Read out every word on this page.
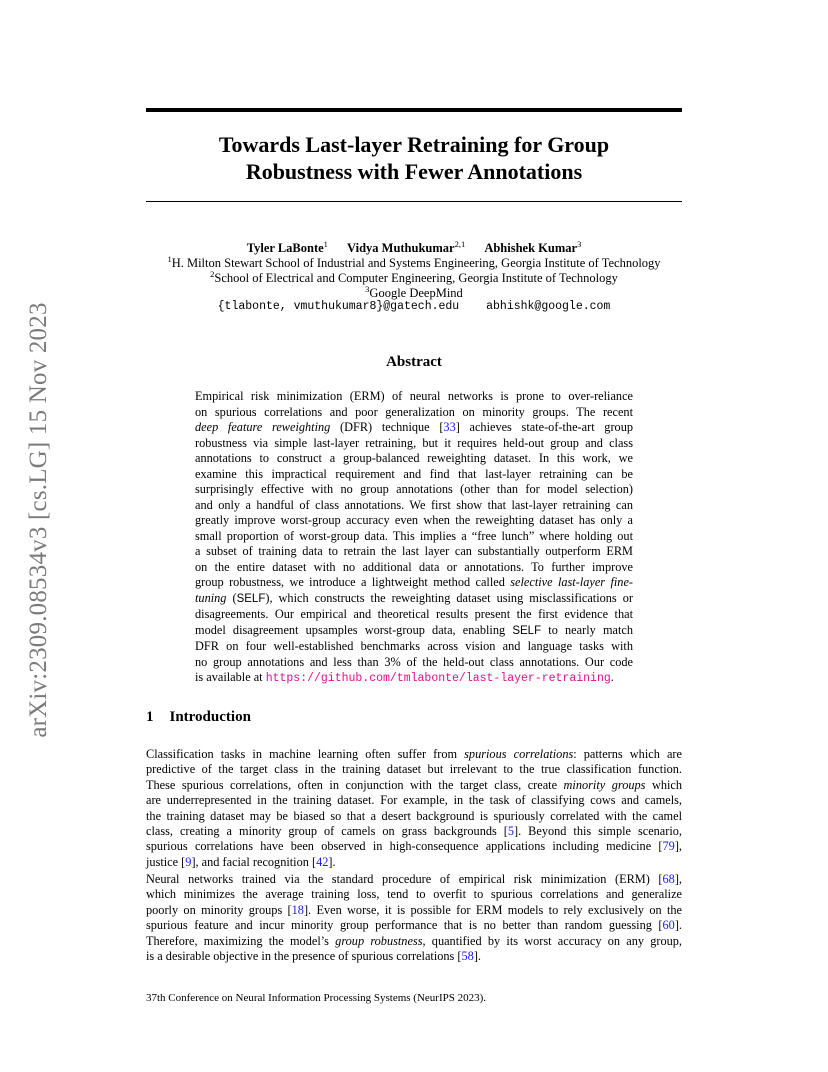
arXiv:2309.08534v3 [cs.LG] 15 Nov 2023
Towards Last-layer Retraining for Group
Robustness with Fewer Annotations
Tyler LaBonte$^1$ Vidya Muthukumar$^{2,1}$ Abhishek Kumar$^3$
$^1$H. Milton Stewart School of Industrial and Systems Engineering, Georgia Institute of Technology
$^2$School of Electrical and Computer Engineering, Georgia Institute of Technology
$^3$Google DeepMind
{tlabonte, vmuthukumar8}@gatech.edu abhishk@google.com
Abstract
Empirical risk minimization (ERM) of neural networks is prone to over-reliance
on spurious correlations and poor generalization on minority groups. The recent
deep feature reweighting (DFR) technique [33] achieves state-of-the-art group
robustness via simple last-layer retraining, but it requires held-out group and class
annotations to construct a group-balanced reweighting dataset. In this work, we
examine this impractical requirement and find that last-layer retraining can be
surprisingly effective with no group annotations (other than for model selection)
and only a handful of class annotations. We first show that last-layer retraining can
greatly improve worst-group accuracy even when the reweighting dataset has only a
small proportion of worst-group data. This implies a “free lunch” where holding out
a subset of training data to retrain the last layer can substantially outperform ERM
on the entire dataset with no additional data or annotations. To further improve
group robustness, we introduce a lightweight method called selective last-layer fine-
tuning (SELF), which constructs the reweighting dataset using misclassifications or
disagreements. Our empirical and theoretical results present the first evidence that
model disagreement upsamples worst-group data, enabling SELF to nearly match
DFR on four well-established benchmarks across vision and language tasks with
no group annotations and less than 3% of the held-out class annotations. Our code
is available at https://github.com/tmlabonte/last-layer-retraining.
1 Introduction
Classification tasks in machine learning often suffer from spurious correlations: patterns which are
predictive of the target class in the training dataset but irrelevant to the true classification function.
These spurious correlations, often in conjunction with the target class, create minority groups which
are underrepresented in the training dataset. For example, in the task of classifying cows and camels,
the training dataset may be biased so that a desert background is spuriously correlated with the camel
class, creating a minority group of camels on grass backgrounds [5]. Beyond this simple scenario,
spurious correlations have been observed in high-consequence applications including medicine [79],
justice [9], and facial recognition [42].
Neural networks trained via the standard procedure of empirical risk minimization (ERM) [68],
which minimizes the average training loss, tend to overfit to spurious correlations and generalize
poorly on minority groups [18]. Even worse, it is possible for ERM models to rely exclusively on the
spurious feature and incur minority group performance that is no better than random guessing [60].
Therefore, maximizing the model’s group robustness, quantified by its worst accuracy on any group,
is a desirable objective in the presence of spurious correlations [58].
37th Conference on Neural Information Processing Systems (NeurIPS 2023).
